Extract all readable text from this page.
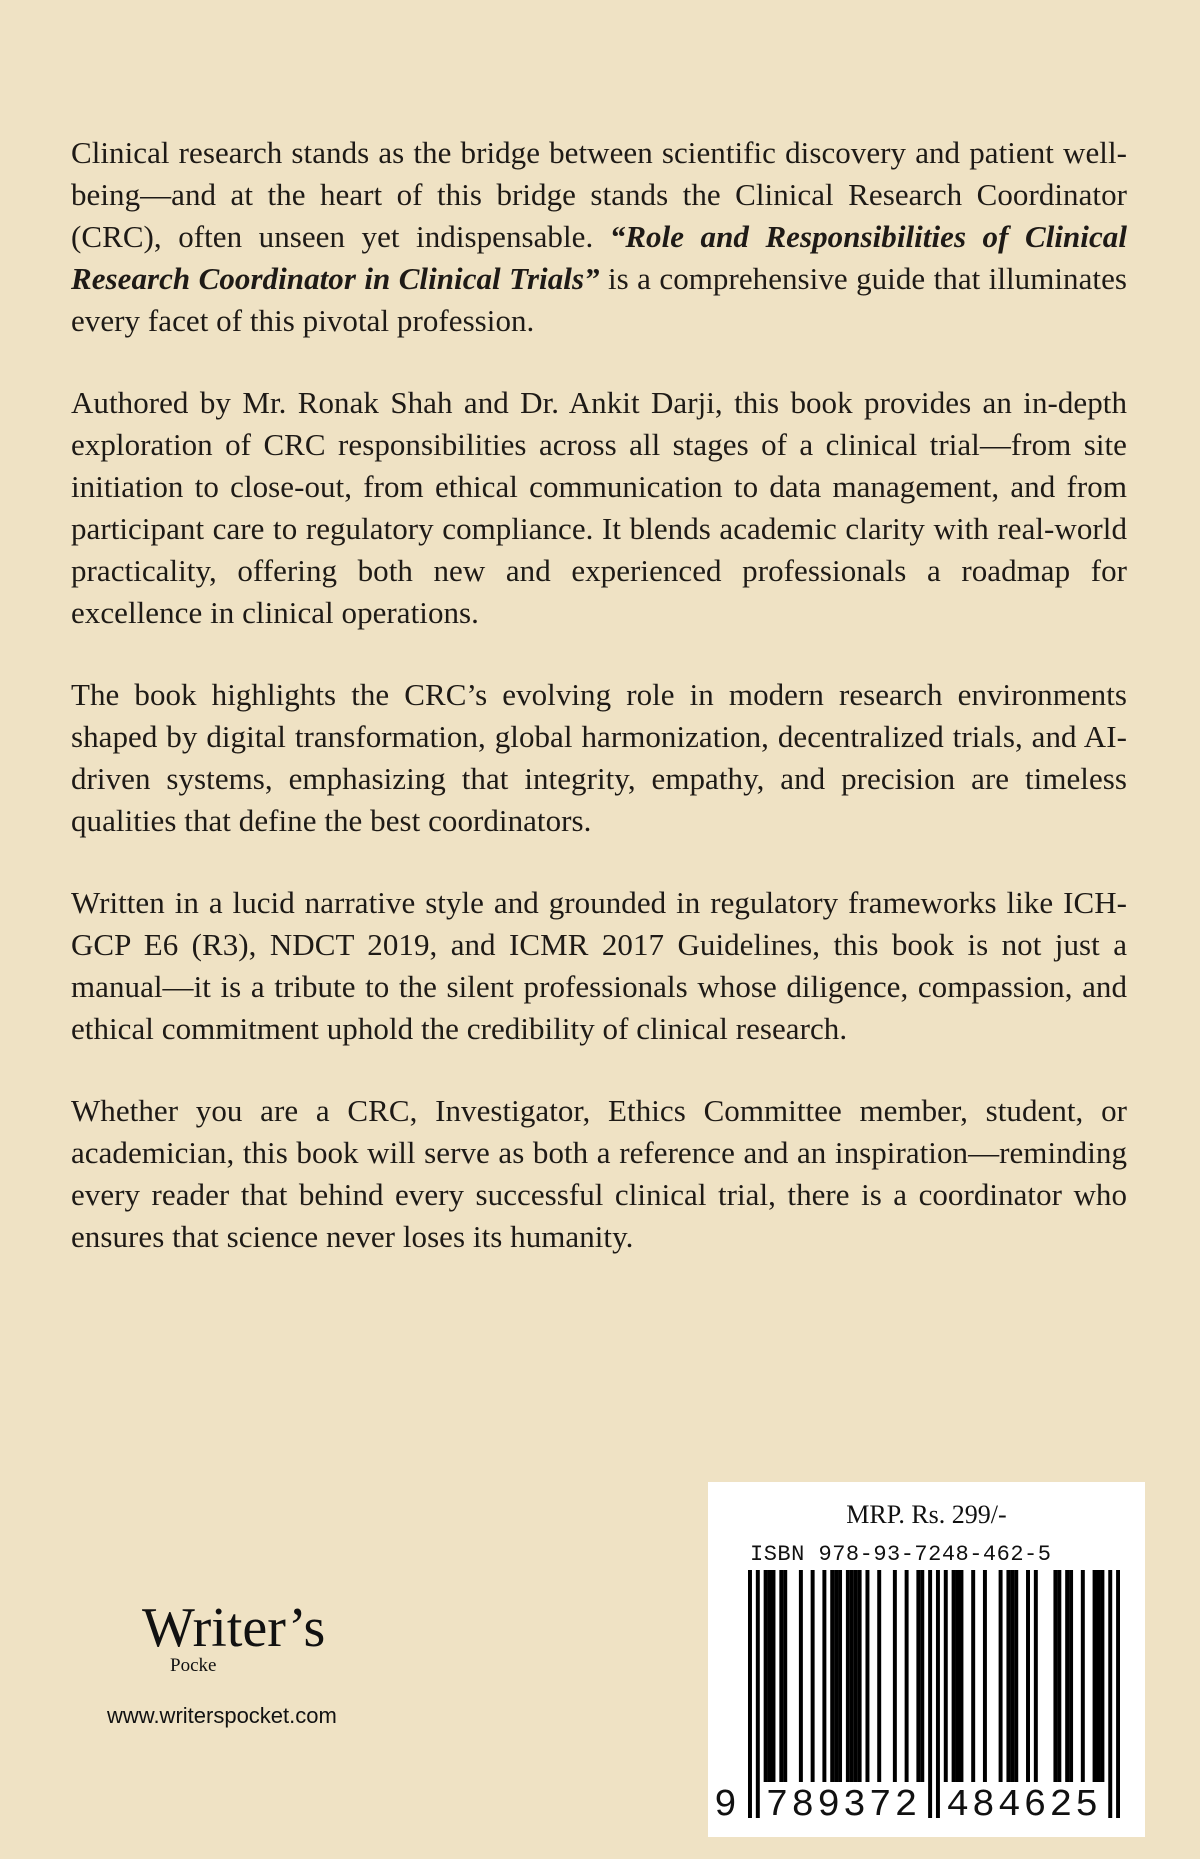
Clinical research stands as the bridge between scientific discovery and patient well-being—and at the heart of this bridge stands the Clinical Research Coordinator (CRC), often unseen yet indispensable. “Role and Responsibilities of Clinical Research Coordinator in Clinical Trials” is a comprehensive guide that illuminates every facet of this pivotal profession.

Authored by Mr. Ronak Shah and Dr. Ankit Darji, this book provides an in-depth exploration of CRC responsibilities across all stages of a clinical trial—from site initiation to close-out, from ethical communication to data management, and from participant care to regulatory compliance. It blends academic clarity with real-world practicality, offering both new and experienced professionals a roadmap for excellence in clinical operations.

The book highlights the CRC’s evolving role in modern research environments shaped by digital transformation, global harmonization, decentralized trials, and AI-driven systems, emphasizing that integrity, empathy, and precision are timeless qualities that define the best coordinators.

Written in a lucid narrative style and grounded in regulatory frameworks like ICH-GCP E6 (R3), NDCT 2019, and ICMR 2017 Guidelines, this book is not just a manual—it is a tribute to the silent professionals whose diligence, compassion, and ethical commitment uphold the credibility of clinical research.

Whether you are a CRC, Investigator, Ethics Committee member, student, or academician, this book will serve as both a reference and an inspiration—reminding every reader that behind every successful clinical trial, there is a coordinator who ensures that science never loses its humanity.

Writer’s
Pocke
www.writerspocket.com
MRP. Rs. 299/-
ISBN 978-93-7248-462-5
9 789372 484625
